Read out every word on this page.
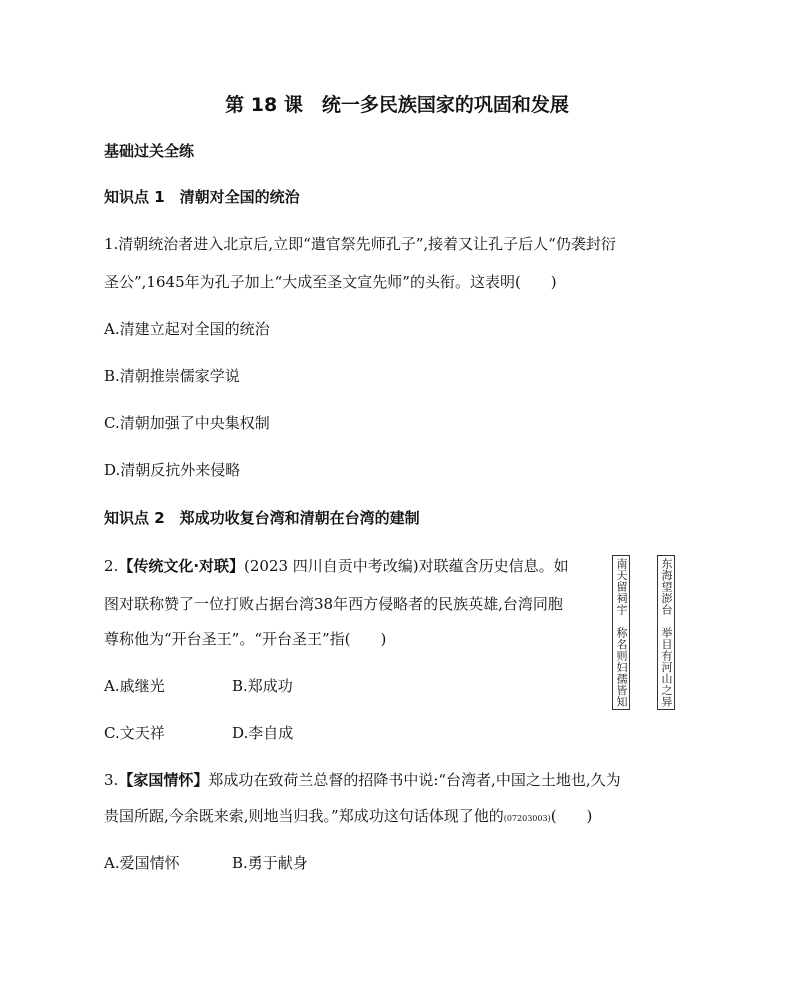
第 18 课　统一多民族国家的巩固和发展
基础过关全练
知识点 1　清朝对全国的统治
1.清朝统治者进入北京后,立即“遣官祭先师孔子”,接着又让孔子后人“仍袭封衍
圣公”,1645年为孔子加上“大成至圣文宣先师”的头衔。这表明(　　)
A.清建立起对全国的统治
B.清朝推崇儒家学说
C.清朝加强了中央集权制
D.清朝反抗外来侵略
知识点 2　郑成功收复台湾和清朝在台湾的建制
2.【传统文化·对联】(2023 四川自贡中考改编)对联蕴含历史信息。如
图对联称赞了一位打败占据台湾38年西方侵略者的民族英雄,台湾同胞
尊称他为“开台圣王”。“开台圣王”指(　　)
A.戚继光	B.郑成功
C.文天祥	D.李自成
南天留祠宇　称名则妇孺皆知	东海望澎台　举目有河山之异
3.【家国情怀】郑成功在致荷兰总督的招降书中说:“台湾者,中国之土地也,久为
贵国所踞,今余既来索,则地当归我。”郑成功这句话体现了他的(07203003)(　　)
A.爱国情怀	B.勇于献身
